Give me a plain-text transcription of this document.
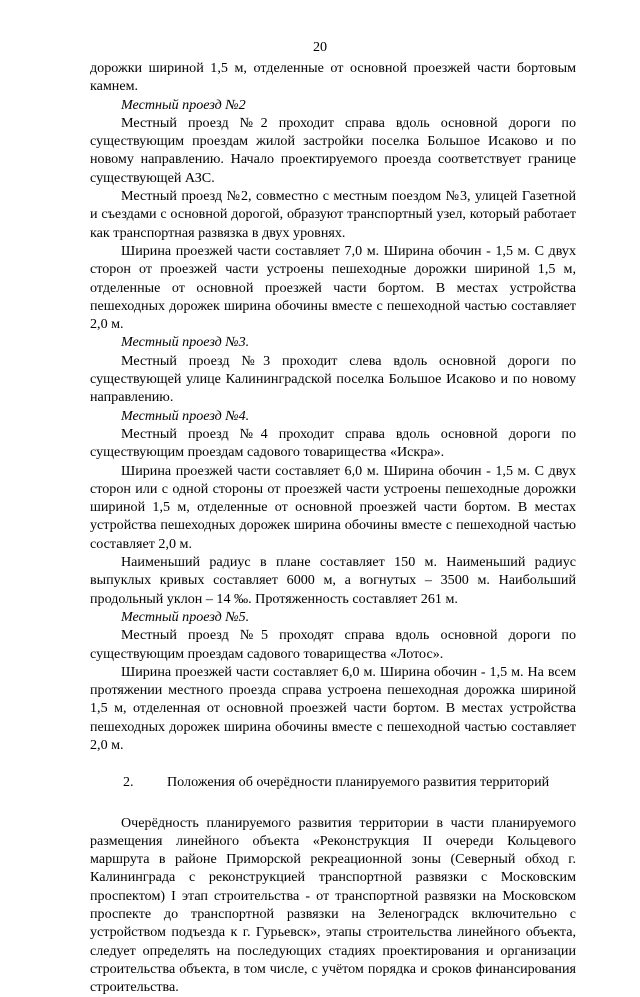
20

дорожки шириной 1,5 м, отделенные от основной проезжей части бортовым камнем.

Местный проезд №2

Местный проезд №2 проходит справа вдоль основной дороги по существующим проездам жилой застройки поселка Большое Исаково и по новому направлению. Начало проектируемого проезда соответствует границе существующей АЗС.

Местный проезд №2, совместно с местным поездом №3, улицей Газетной и съездами с основной дорогой, образуют транспортный узел, который работает как транспортная развязка в двух уровнях.

Ширина проезжей части составляет 7,0 м. Ширина обочин - 1,5 м. С двух сторон от проезжей части устроены пешеходные дорожки шириной 1,5 м, отделенные от основной проезжей части бортом. В местах устройства пешеходных дорожек ширина обочины вместе с пешеходной частью составляет 2,0 м.

Местный проезд №3.

Местный проезд №3 проходит слева вдоль основной дороги по существующей улице Калининградской поселка Большое Исаково и по новому направлению.

Местный проезд №4.

Местный проезд №4 проходит справа вдоль основной дороги по существующим проездам садового товарищества «Искра».

Ширина проезжей части составляет 6,0 м. Ширина обочин - 1,5 м. С двух сторон или с одной стороны от проезжей части устроены пешеходные дорожки шириной 1,5 м, отделенные от основной проезжей части бортом. В местах устройства пешеходных дорожек ширина обочины вместе с пешеходной частью составляет 2,0 м.

Наименьший радиус в плане составляет 150 м. Наименьший радиус выпуклых кривых составляет 6000 м, а вогнутых – 3500 м. Наибольший продольный уклон – 14 ‰. Протяженность составляет 261 м.

Местный проезд №5.

Местный проезд №5 проходят справа вдоль основной дороги по существующим проездам садового товарищества «Лотос».

Ширина проезжей части составляет 6,0 м. Ширина обочин - 1,5 м. На всем протяжении местного проезда справа устроена пешеходная дорожка шириной 1,5 м, отделенная от основной проезжей части бортом. В местах устройства пешеходных дорожек ширина обочины вместе с пешеходной частью составляет 2,0 м.

2.	Положения об очерёдности планируемого развития территорий

Очерёдность планируемого развития территории в части планируемого размещения линейного объекта «Реконструкция II очереди Кольцевого маршрута в районе Приморской рекреационной зоны (Северный обход г. Калининграда с реконструкцией транспортной развязки с Московским проспектом) I этап строительства - от транспортной развязки на Московском проспекте до транспортной развязки на Зеленоградск включительно с устройством подъезда к г. Гурьевск», этапы строительства линейного объекта, следует определять на последующих стадиях проектирования и организации строительства объекта, в том числе, с учётом порядка и сроков финансирования строительства.
